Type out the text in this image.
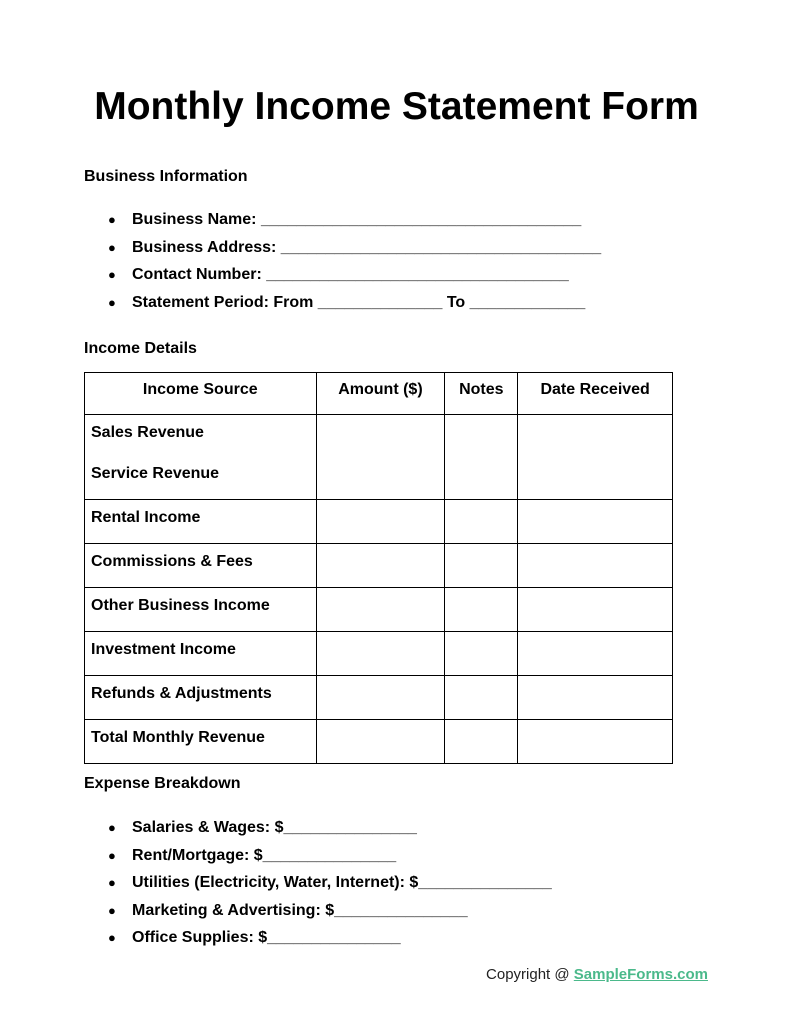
Monthly Income Statement Form
Business Information
● Business Name: ____________________________________
● Business Address: ____________________________________
● Contact Number: __________________________________
● Statement Period: From ______________ To _____________
Income Details
Income Source	Amount ($)	Notes	Date Received
Sales Revenue
Service Revenue			

Rental Income			
Commissions & Fees			
Other Business Income			
Investment Income			
Refunds & Adjustments			
Total Monthly Revenue			
Expense Breakdown
● Salaries & Wages: $_______________
● Rent/Mortgage: $_______________
● Utilities (Electricity, Water, Internet): $_______________
● Marketing & Advertising: $_______________
● Office Supplies: $_______________
Copyright @ SampleForms.com
